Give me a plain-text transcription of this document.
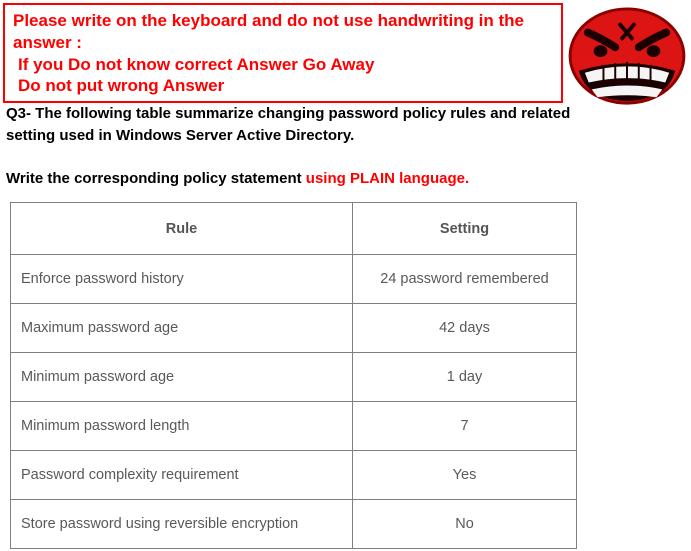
Please write on the keyboard and do not use handwriting in the answer :
If you Do not know correct Answer Go Away
Do not put wrong Answer

Q3- The following table summarize changing password policy rules and related setting used in Windows Server Active Directory.

Write the corresponding policy statement using PLAIN language.

Rule	Setting
Enforce password history	24 password remembered
Maximum password age	42 days
Minimum password age	1 day
Minimum password length	7
Password complexity requirement	Yes
Store password using reversible encryption	No
